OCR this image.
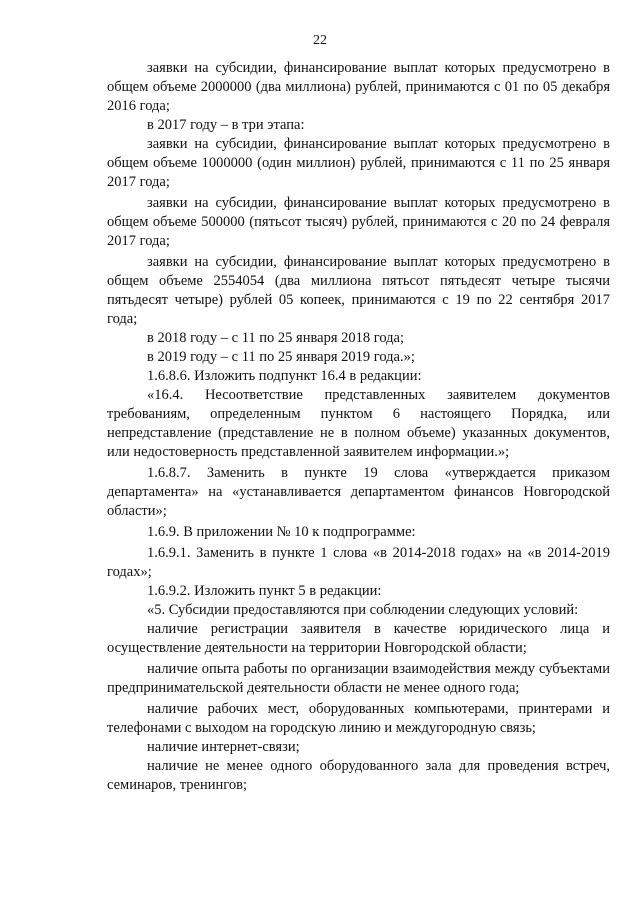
22

заявки на субсидии, финансирование выплат которых предусмотрено в общем объеме 2000000 (два миллиона) рублей, принимаются с 01 по 05 декабря 2016 года;

в 2017 году – в три этапа:

заявки на субсидии, финансирование выплат которых предусмотрено в общем объеме 1000000 (один миллион) рублей, принимаются с 11 по 25 января 2017 года;

заявки на субсидии, финансирование выплат которых предусмотрено в общем объеме 500000 (пятьсот тысяч) рублей, принимаются с 20 по 24 февраля 2017 года;

заявки на субсидии, финансирование выплат которых предусмотрено в общем объеме 2554054 (два миллиона пятьсот пятьдесят четыре тысячи пятьдесят четыре) рублей 05 копеек, принимаются с 19 по 22 сентября 2017 года;

в 2018 году – с 11 по 25 января 2018 года;

в 2019 году – с 11 по 25 января 2019 года.»;

1.6.8.6. Изложить подпункт 16.4 в редакции:

«16.4. Несоответствие представленных заявителем документов требованиям, определенным пунктом 6 настоящего Порядка, или непредставление (представление не в полном объеме) указанных документов, или недостоверность представленной заявителем информации.»;

1.6.8.7. Заменить в пункте 19 слова «утверждается приказом департамента» на «устанавливается департаментом финансов Новгородской области»;

1.6.9. В приложении № 10 к подпрограмме:

1.6.9.1. Заменить в пункте 1 слова «в 2014-2018 годах» на «в 2014-2019 годах»;

1.6.9.2. Изложить пункт 5 в редакции:

«5. Субсидии предоставляются при соблюдении следующих условий:

наличие регистрации заявителя в качестве юридического лица и осуществление деятельности на территории Новгородской области;

наличие опыта работы по организации взаимодействия между субъектами предпринимательской деятельности области не менее одного года;

наличие рабочих мест, оборудованных компьютерами, принтерами и телефонами с выходом на городскую линию и междугородную связь;

наличие интернет-связи;

наличие не менее одного оборудованного зала для проведения встреч, семинаров, тренингов;
